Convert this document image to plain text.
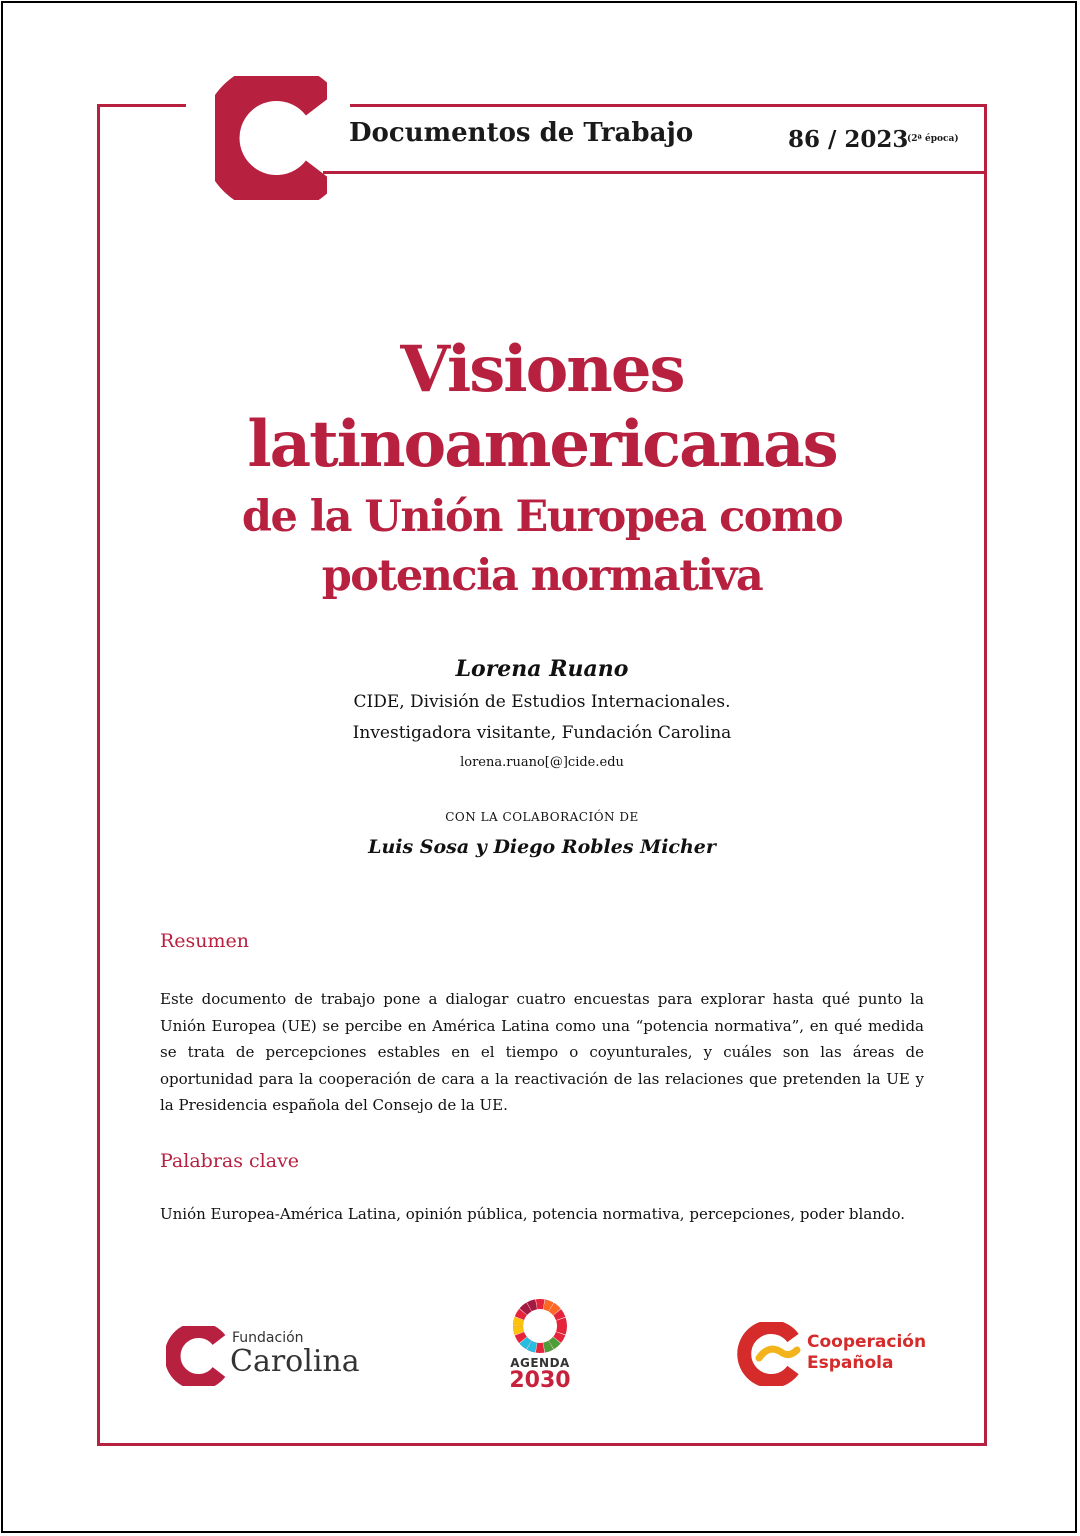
Documentos de Trabajo	86 / 2023
(2ª época)
Visiones
latinoamericanas
de la Unión Europea como
potencia normativa
Lorena Ruano
CIDE, División de Estudios Internacionales.
Investigadora visitante, Fundación Carolina
lorena.ruano[@]cide.edu
CON LA COLABORACIÓN DE
Luis Sosa y Diego Robles Micher
Resumen
Este documento de trabajo pone a dialogar cuatro encuestas para explorar hasta qué punto la Unión Europea (UE) se percibe en América Latina como una “potencia normativa”, en qué medida se trata de percepciones estables en el tiempo o coyunturales, y cuáles son las áreas de oportunidad para la cooperación de cara a la reactivación de las relaciones que pretenden la UE y la Presidencia española del Consejo de la UE.
Palabras clave
Unión Europea-América Latina, opinión pública, potencia normativa, percepciones, poder blando.
Fundación
Carolina	AGENDA
2030
Cooperación
Española
